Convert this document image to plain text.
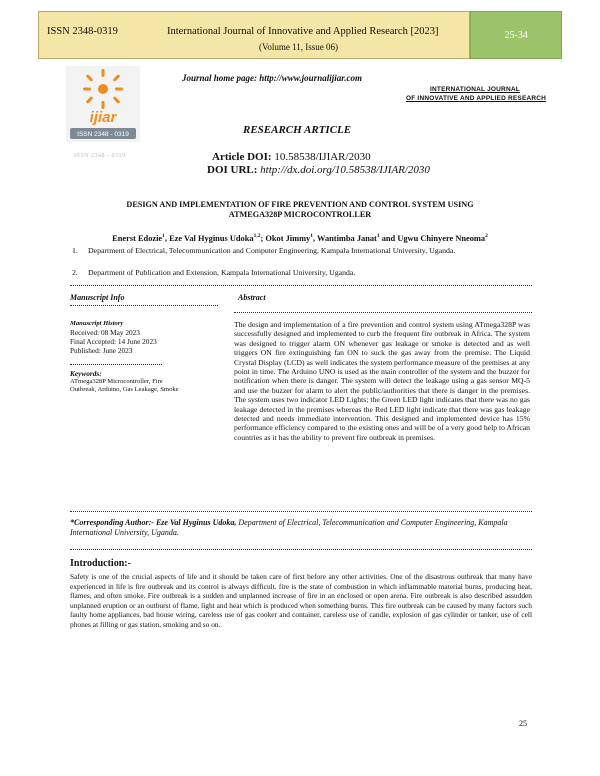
ISSN 2348-0319	International Journal of Innovative and Applied Research [2023]
(Volume 11, Issue 06)
25-34
ijiar
ISSN 2348 - 0319
ISSN 2348 - 0319
Journal home page: http://www.journalijiar.com
INTERNATIONAL JOURNAL
OF INNOVATIVE AND APPLIED RESEARCH
RESEARCH ARTICLE
Article DOI: 10.58538/IJIAR/2030
DOI URL: http://dx.doi.org/10.58538/IJIAR/2030
DESIGN AND IMPLEMENTATION OF FIRE PREVENTION AND CONTROL SYSTEM USING
ATMEGA328P MICROCONTROLLER
Enerst Edozie$^1$, Eze Val Hyginus Udoka$^{1,2}$; Okot Jimmy$^1$, Wantimba Janat$^1$ and Ugwu Chinyere Nneoma$^2$
1.	Department of Electrical, Telecommunication and Computer Engineering, Kampala International University, Uganda.
2.	Department of Publication and Extension, Kampala International University, Uganda.
Manuscript Info	Abstract
Manuscript History
Received: 08 May 2023
Final Accepted: 14 June 2023
Published: June 2023
Keywords:
ATmega328P Microcontroller, Fire
Outbreak, Arduino, Gas Leakage, Smoke
The design and implementation of a fire prevention and control system using ATmega328P was successfully designed and implemented to curb the frequent fire outbreak in Africa. The system was designed to trigger alarm ON whenever gas leakage or smoke is detected and as well triggers ON fire extinguishing fan ON to suck the gas away from the premise. The Liquid Crystal Display (LCD) as well indicates the system performance measure of the premises at any point in time. The Arduino UNO is used as the main controller of the system and the buzzer for notification when there is danger. The system will detect the leakage using a gas sensor MQ-5 and use the buzzer for alarm to alert the public/authorities that there is danger in the premises. The system uses two indicator LED Lights; the Green LED light indicates that there was no gas leakage detected in the premises whereas the Red LED light indicate that there was gas leakage detected and needs immediate intervention. This designed and implemented device has 15% performance efficiency compared to the existing ones and will be of a very good help to African countries as it has the ability to prevent fire outbreak in premises.
*Corresponding Author:- Eze Val Hyginus Udoka, Department of Electrical, Telecommunication and Computer Engineering, Kampala International University, Uganda.
Introduction:-
Safety is one of the crucial aspects of life and it should be taken care of first before any other activities. One of the disastrous outbreak that many have experienced in life is fire outbreak and its control is always difficult. fire is the state of combustion in which inflammable material burns, producing heat, flames, and often smoke. Fire outbreak is a sudden and unplanned increase of fire in an enclosed or open arena. Fire outbreak is also described assudden unplanned eruption or an outburst of flame, light and heat which is produced when something burns. This fire outbreak can be caused by many factors such faulty home appliances, bad house wiring, careless use of gas cooker and container, careless use of candle, explosion of gas cylinder or tanker, use of cell phones at filling or gas station, smoking and so on.
25
